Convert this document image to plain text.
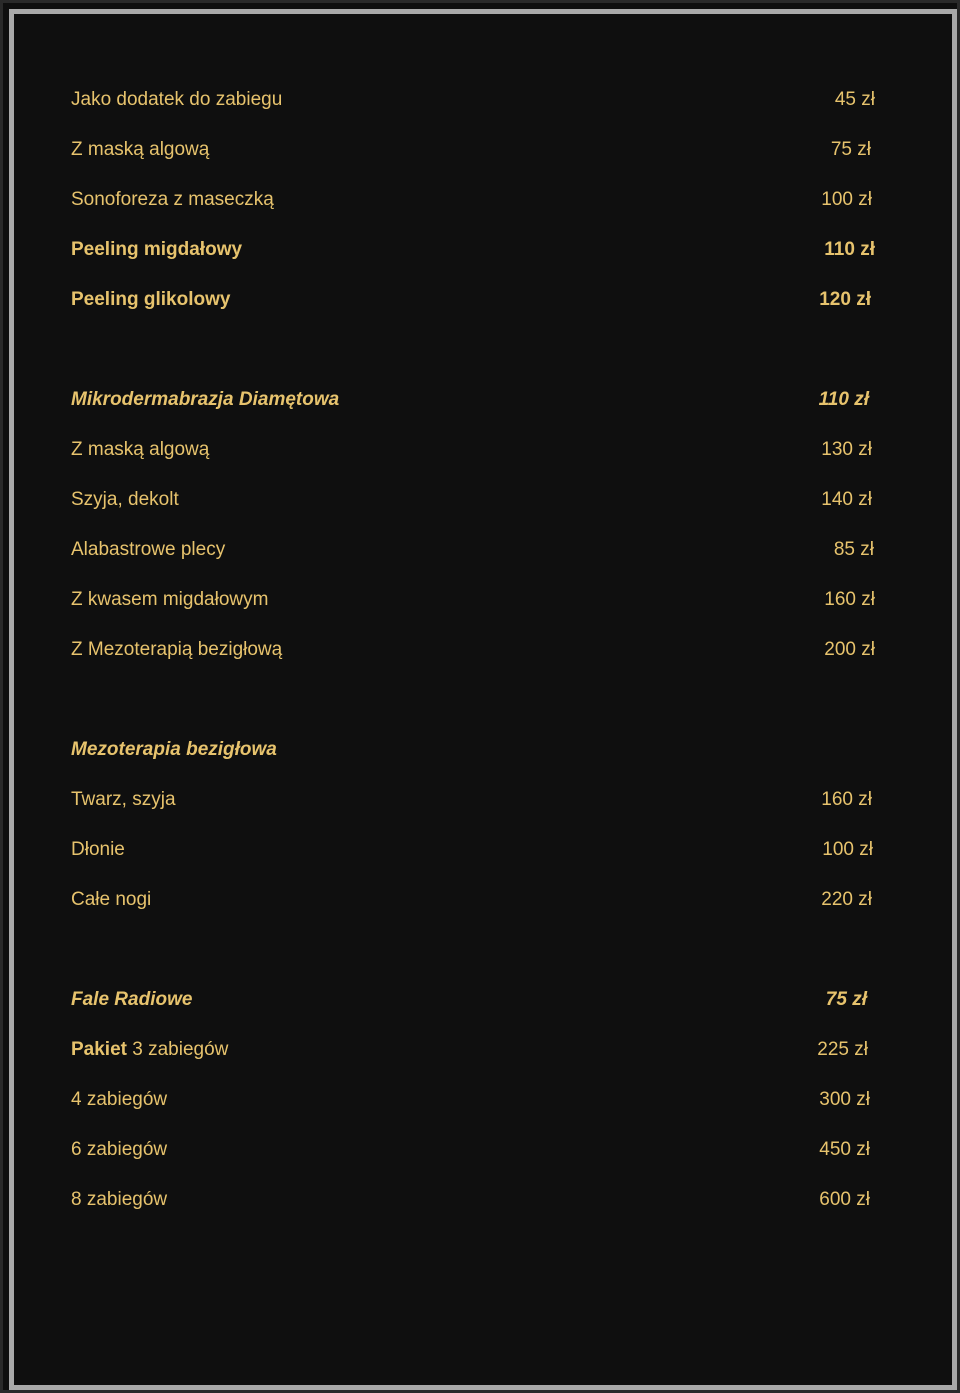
Jako dodatek do zabiegu	45 zł
Z maską algową	75 zł
Sonoforeza z maseczką	100 zł
Peeling migdałowy	110 zł
Peeling glikolowy	120 zł
Mikrodermabrazja Diamętowa	110 zł
Z maską algową	130 zł
Szyja, dekolt	140 zł
Alabastrowe plecy	85 zł
Z kwasem migdałowym	160 zł
Z Mezoterapią bezigłową	200 zł
Mezoterapia bezigłowa
Twarz, szyja	160 zł
Dłonie	100 zł
Całe nogi	220 zł
Fale Radiowe	75 zł
Pakiet 3 zabiegów	225 zł
4 zabiegów	300 zł
6 zabiegów	450 zł
8 zabiegów	600 zł
